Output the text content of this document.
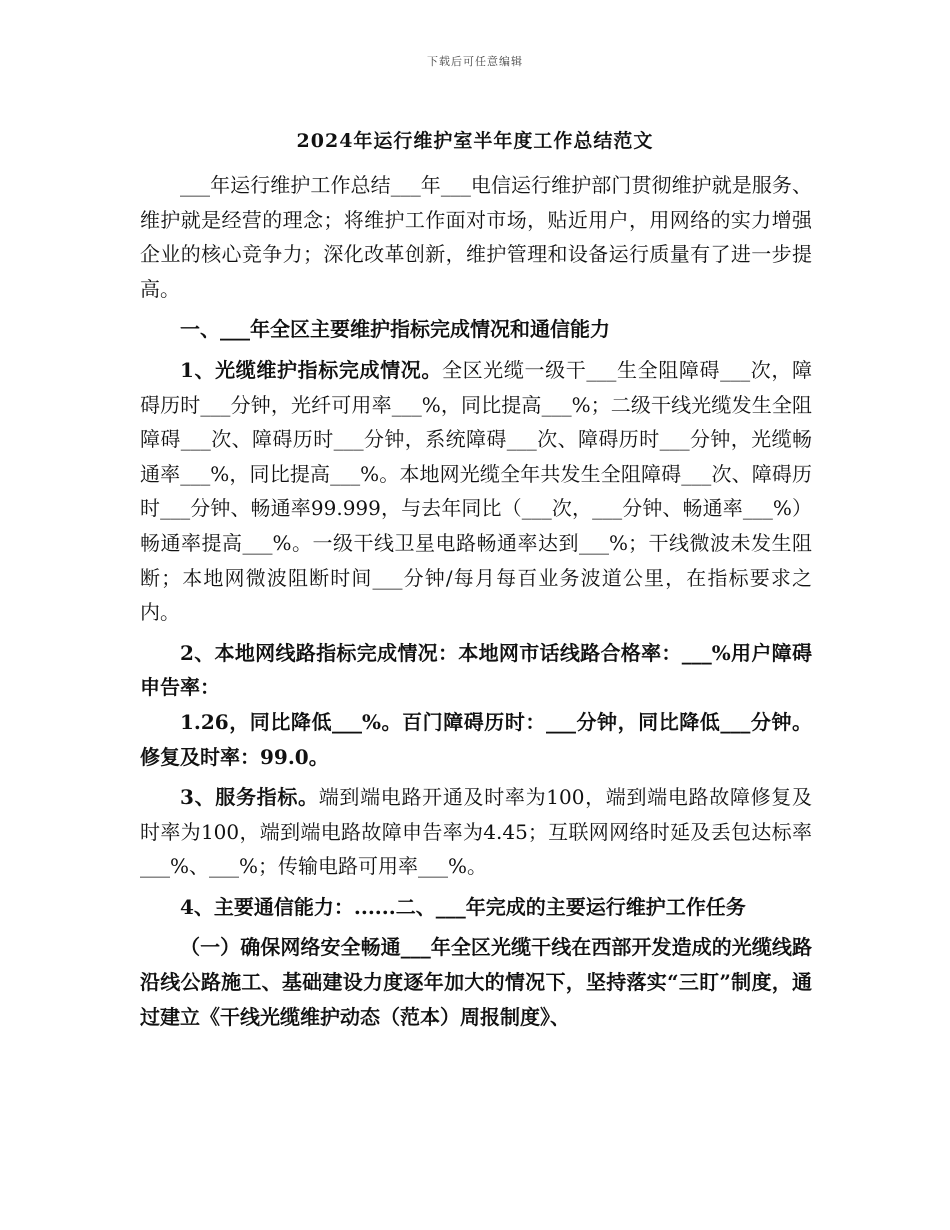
下载后可任意编辑
2024年运行维护室半年度工作总结范文

___年运行维护工作总结___年___电信运行维护部门贯彻维护就是服务、维护就是经营的理念；将维护工作面对市场，贴近用户，用网络的实力增强企业的核心竞争力；深化改革创新，维护管理和设备运行质量有了进一步提高。

一、___年全区主要维护指标完成情况和通信能力

1、光缆维护指标完成情况。全区光缆一级干___生全阻障碍___次，障碍历时___分钟，光纤可用率___%，同比提高___%；二级干线光缆发生全阻障碍___次、障碍历时___分钟，系统障碍___次、障碍历时___分钟，光缆畅通率___%，同比提高___%。本地网光缆全年共发生全阻障碍___次、障碍历时___分钟、畅通率99.999，与去年同比（___次，___分钟、畅通率___%）畅通率提高___%。一级干线卫星电路畅通率达到___%；干线微波未发生阻断；本地网微波阻断时间___分钟/每月每百业务波道公里，在指标要求之内。

2、本地网线路指标完成情况：本地网市话线路合格率：___%用户障碍申告率：

1.26，同比降低___%。百门障碍历时：___分钟，同比降低___分钟。修复及时率：99.0。

3、服务指标。端到端电路开通及时率为100，端到端电路故障修复及时率为100，端到端电路故障申告率为4.45；互联网网络时延及丢包达标率___%、___%；传输电路可用率___%。

4、主要通信能力：......二、___年完成的主要运行维护工作任务

（一）确保网络安全畅通___年全区光缆干线在西部开发造成的光缆线路沿线公路施工、基础建设力度逐年加大的情况下，坚持落实“三盯”制度，通过建立《干线光缆维护动态（范本）周报制度》、
